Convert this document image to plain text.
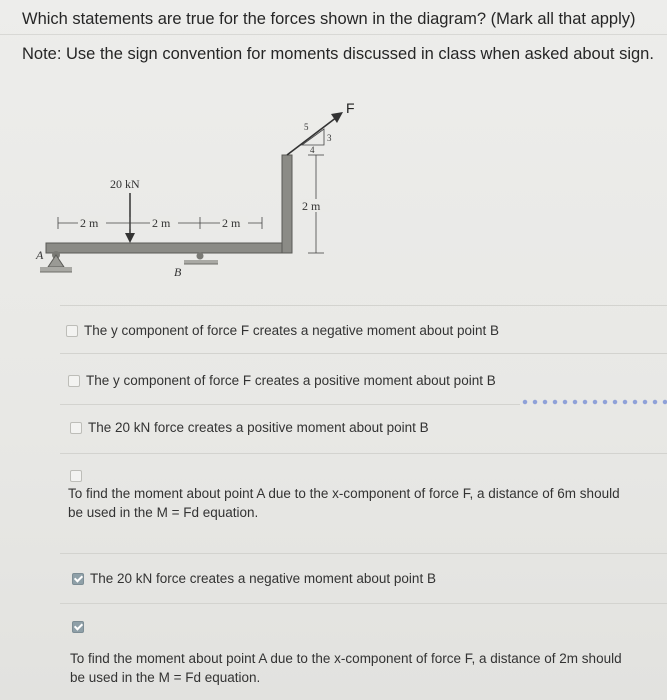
Which statements are true for the forces shown in the diagram? (Mark all that apply)
Note: Use the sign convention for moments discussed in class when asked about sign.
A
B
20 kN
2 m	2 m	2 m
2 m
F
5
4
3
The y component of force F creates a negative moment about point B
The y component of force F creates a positive moment about point B
The 20 kN force creates a positive moment about point B
To find the moment about point A due to the x-component of force F, a distance of 6m should be used in the M = Fd equation.
The 20 kN force creates a negative moment about point B
To find the moment about point A due to the x-component of force F, a distance of 2m should be used in the M = Fd equation.
